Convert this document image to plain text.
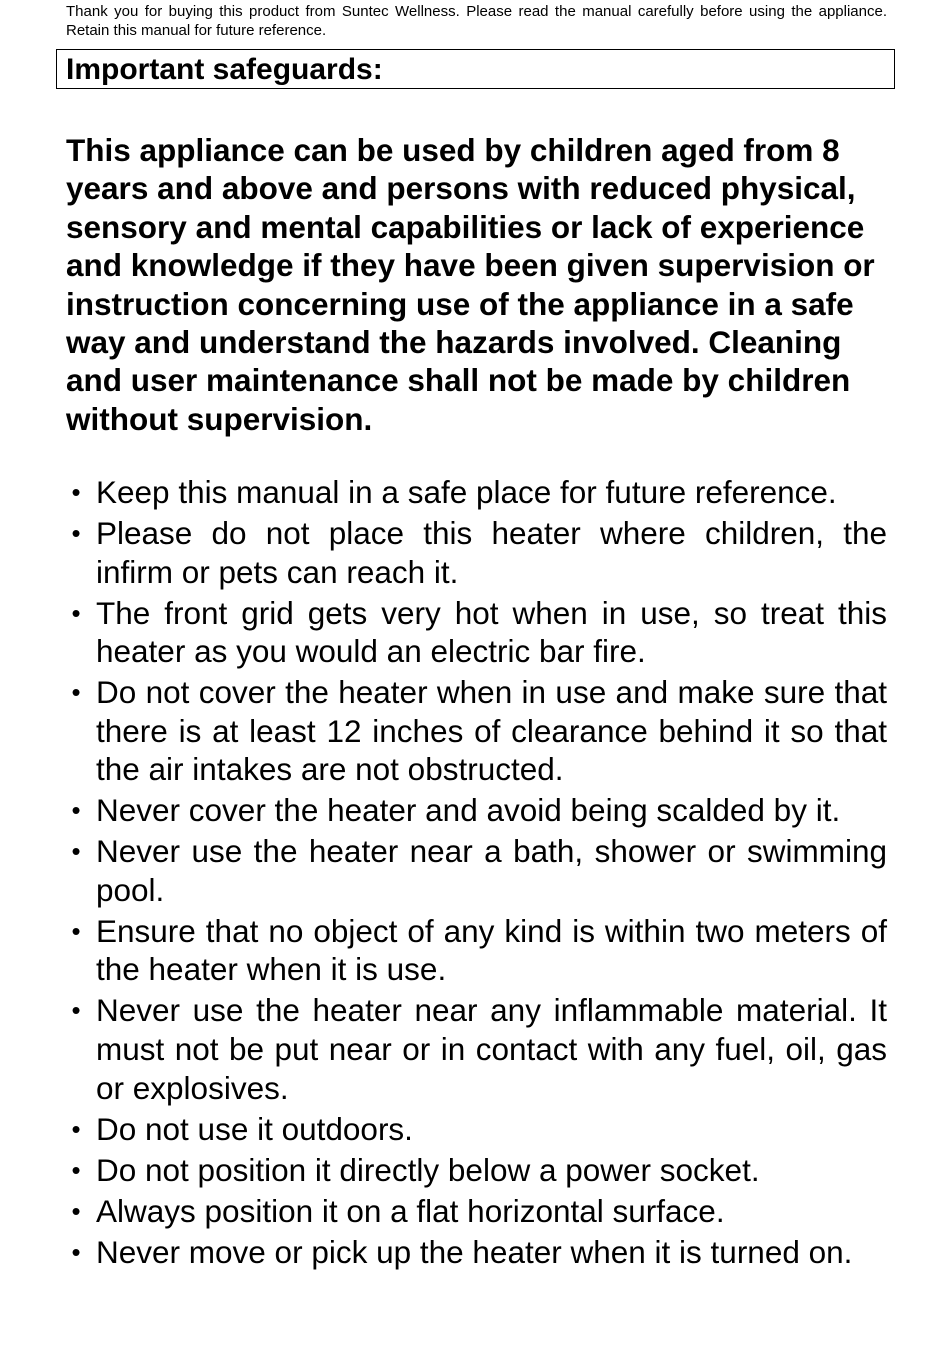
Thank you for buying this product from Suntec Wellness. Please read the manual carefully before using the appliance. Retain this manual for future reference.
Important safeguards:

This appliance can be used by children aged from 8 years and above and persons with reduced physical, sensory and mental capabilities or lack of experience and knowledge if they have been given supervision or instruction concerning use of the appliance in a safe way and understand the hazards involved. Cleaning and user maintenance shall not be made by children without supervision.

• Keep this manual in a safe place for future reference.
• Please do not place this heater where children, the infirm or pets can reach it.
• The front grid gets very hot when in use, so treat this heater as you would an electric bar fire.
• Do not cover the heater when in use and make sure that there is at least 12 inches of clearance behind it so that the air intakes are not obstructed.
• Never cover the heater and avoid being scalded by it.
• Never use the heater near a bath, shower or swimming pool.
• Ensure that no object of any kind is within two meters of the heater when it is use.
• Never use the heater near any inflammable material. It must not be put near or in contact with any fuel, oil, gas or explosives.
• Do not use it outdoors.
• Do not position it directly below a power socket.
• Always position it on a flat horizontal surface.
• Never move or pick up the heater when it is turned on.
